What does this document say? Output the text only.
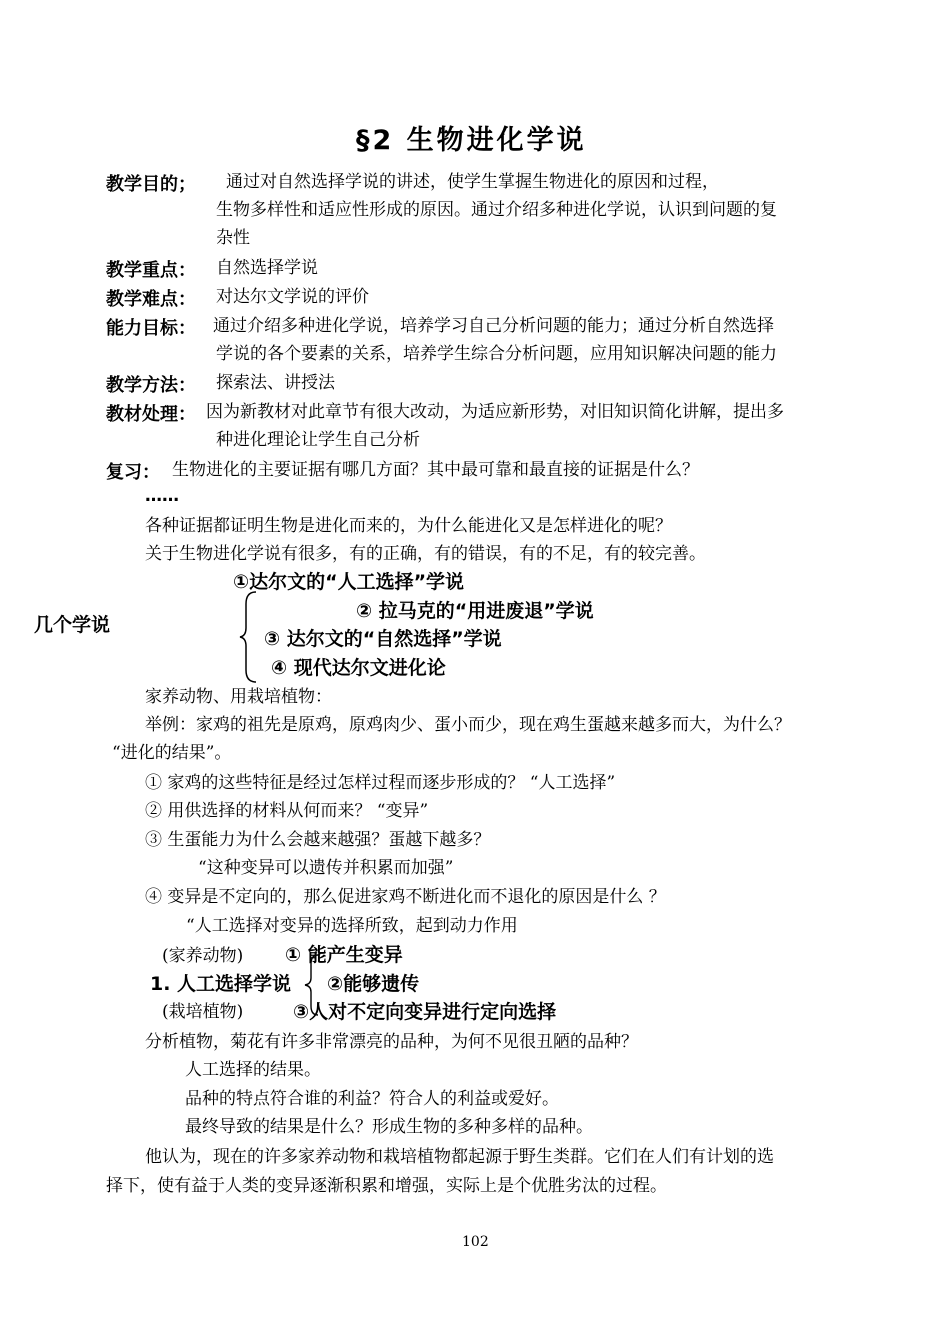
§2 生物进化学说
教学目的； 通过对自然选择学说的讲述，使学生掌握生物进化的原因和过程，
生物多样性和适应性形成的原因。通过介绍多种进化学说，认识到问题的复
杂性
教学重点： 自然选择学说
教学难点： 对达尔文学说的评价
能力目标： 通过介绍多种进化学说，培养学习自己分析问题的能力；通过分析自然选择
学说的各个要素的关系，培养学生综合分析问题，应用知识解决问题的能力
教学方法： 探索法、讲授法
教材处理： 因为新教材对此章节有很大改动，为适应新形势，对旧知识简化讲解，提出多
种进化理论让学生自己分析
复习： 生物进化的主要证据有哪几方面？其中最可靠和最直接的证据是什么？
……
各种证据都证明生物是进化而来的，为什么能进化又是怎样进化的呢？
关于生物进化学说有很多，有的正确，有的错误，有的不足，有的较完善。
几个学说
①达尔文的“人工选择”学说
② 拉马克的“用进废退”学说
③ 达尔文的“自然选择”学说
④ 现代达尔文进化论
家养动物、用栽培植物：
举例：家鸡的祖先是原鸡，原鸡肉少、蛋小而少，现在鸡生蛋越来越多而大，为什么？
“进化的结果”。
① 家鸡的这些特征是经过怎样过程而逐步形成的？ “人工选择”
② 用供选择的材料从何而来？ “变异”
③ 生蛋能力为什么会越来越强？蛋越下越多？
“这种变异可以遗传并积累而加强”
④ 变异是不定向的，那么促进家鸡不断进化而不退化的原因是什么 ？
“人工选择对变异的选择所致，起到动力作用
(家养动物)
1. 人工选择学说
(栽培植物)
① 能产生变异
②能够遗传
③人对不定向变异进行定向选择
分析植物，菊花有许多非常漂亮的品种，为何不见很丑陋的品种？
人工选择的结果。
品种的特点符合谁的利益？符合人的利益或爱好。
最终导致的结果是什么？形成生物的多种多样的品种。
他认为，现在的许多家养动物和栽培植物都起源于野生类群。它们在人们有计划的选
择下，使有益于人类的变异逐渐积累和增强，实际上是个优胜劣汰的过程。
102
